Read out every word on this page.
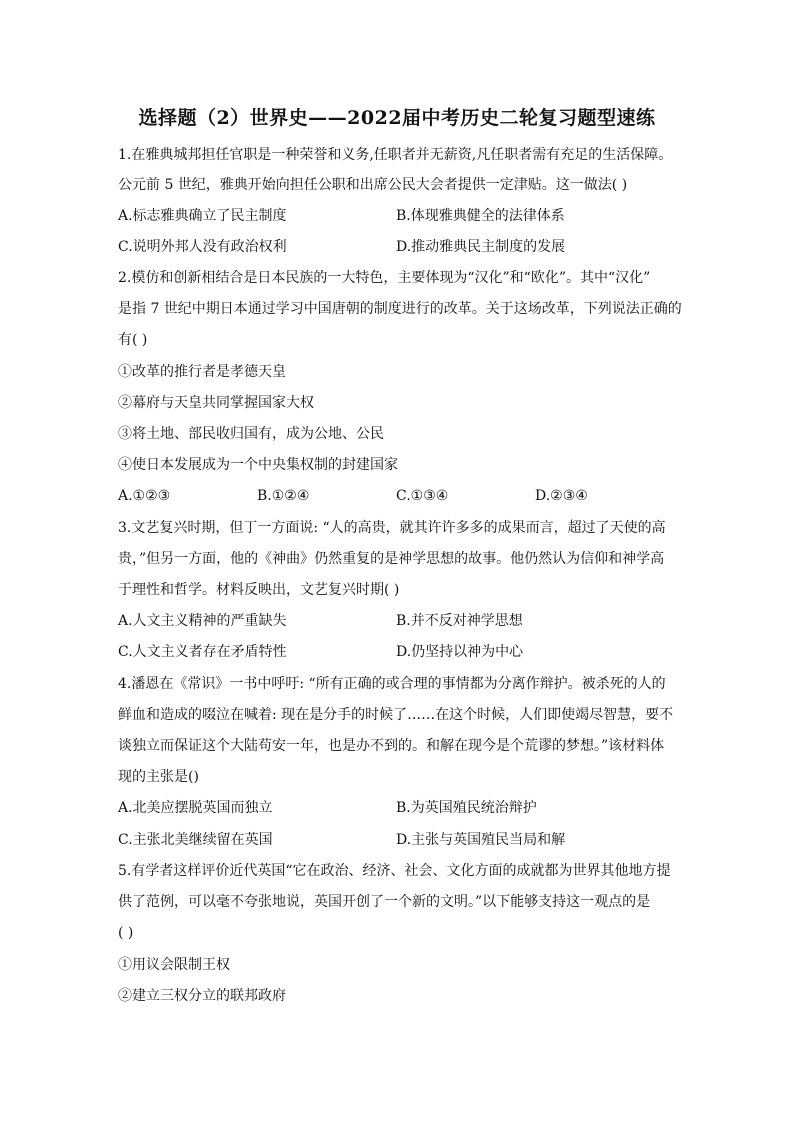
选择题（2）世界史——2022届中考历史二轮复习题型速练
1.在雅典城邦担任官职是一种荣誉和义务,任职者并无薪资,凡任职者需有充足的生活保障。
公元前 5 世纪，雅典开始向担任公职和出席公民大会者提供一定津贴。这一做法( )
A.标志雅典确立了民主制度	B.体现雅典健全的法律体系
C.说明外邦人没有政治权利	D.推动雅典民主制度的发展
2.模仿和创新相结合是日本民族的一大特色，主要体现为“汉化”和“欧化”。其中“汉化”
是指 7 世纪中期日本通过学习中国唐朝的制度进行的改革。关于这场改革，下列说法正确的
有( )
①改革的推行者是孝德天皇
②幕府与天皇共同掌握国家大权
③将土地、部民收归国有，成为公地、公民
④使日本发展成为一个中央集权制的封建国家
A.①②③	B.①②④	C.①③④	D.②③④
3.文艺复兴时期，但丁一方面说: “人的高贵，就其许许多多的成果而言，超过了天使的高
贵，”但另一方面，他的《神曲》仍然重复的是神学思想的故事。他仍然认为信仰和神学高
于理性和哲学。材料反映出，文艺复兴时期( )
A.人文主义精神的严重缺失	B.并不反对神学思想
C.人文主义者存在矛盾特性	D.仍坚持以神为中心
4.潘恩在《常识》一书中呼吁: “所有正确的或合理的事情都为分离作辩护。被杀死的人的
鲜血和造成的啜泣在喊着: 现在是分手的时候了……在这个时候，人们即使竭尽智慧，要不
谈独立而保证这个大陆苟安一年，也是办不到的。和解在现今是个荒谬的梦想。”该材料体
现的主张是()
A.北美应摆脱英国而独立	B.为英国殖民统治辩护
C.主张北美继续留在英国	D.主张与英国殖民当局和解
5.有学者这样评价近代英国“它在政治、经济、社会、文化方面的成就都为世界其他地方提
供了范例，可以毫不夸张地说，英国开创了一个新的文明。”以下能够支持这一观点的是
( )
①用议会限制王权
②建立三权分立的联邦政府
